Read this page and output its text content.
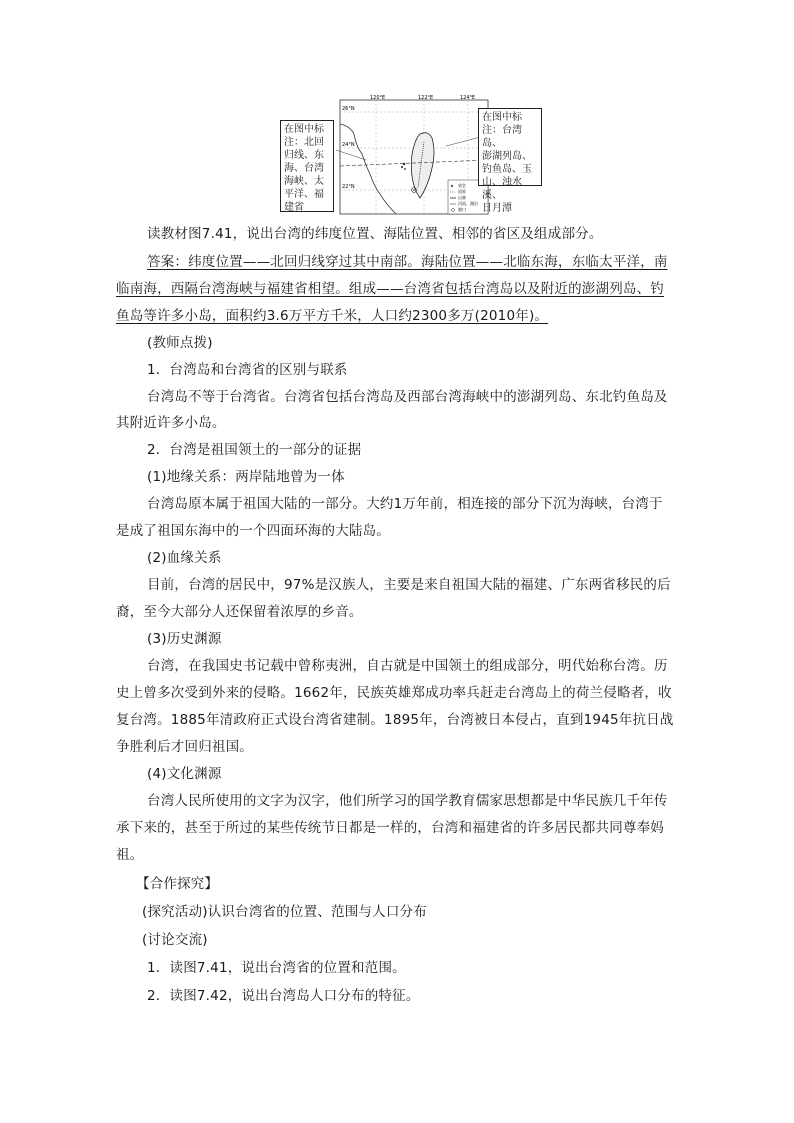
在图中标
注：北回
归线、东
海、台湾
海峡、太
平洋、福
建省
120°E	122°E	124°E
26°N
24°N
22°N	省会
国界
山脉
河流、湖泊
港口
在图中标
注：台湾岛、
澎湖列岛、
钓鱼岛、玉
山、浊水溪、
日月潭
读教材图7.41，说出台湾的纬度位置、海陆位置、相邻的省区及组成部分。
答案：纬度位置——北回归线穿过其中南部。海陆位置——北临东海，东临太平洋，南
临南海，西隔台湾海峡与福建省相望。组成——台湾省包括台湾岛以及附近的澎湖列岛、钓
鱼岛等许多小岛，面积约3.6万平方千米，人口约2300多万(2010年)。
(教师点拨)
1．台湾岛和台湾省的区别与联系
台湾岛不等于台湾省。台湾省包括台湾岛及西部台湾海峡中的澎湖列岛、东北钓鱼岛及
其附近许多小岛。
2．台湾是祖国领土的一部分的证据
(1)地缘关系：两岸陆地曾为一体
台湾岛原本属于祖国大陆的一部分。大约1万年前，相连接的部分下沉为海峡，台湾于
是成了祖国东海中的一个四面环海的大陆岛。
(2)血缘关系
目前，台湾的居民中，97%是汉族人，主要是来自祖国大陆的福建、广东两省移民的后
裔，至今大部分人还保留着浓厚的乡音。
(3)历史渊源
台湾，在我国史书记载中曾称夷洲，自古就是中国领土的组成部分，明代始称台湾。历
史上曾多次受到外来的侵略。1662年，民族英雄郑成功率兵赶走台湾岛上的荷兰侵略者，收
复台湾。1885年清政府正式设台湾省建制。1895年，台湾被日本侵占，直到1945年抗日战
争胜利后才回归祖国。
(4)文化渊源
台湾人民所使用的文字为汉字，他们所学习的国学教育儒家思想都是中华民族几千年传
承下来的，甚至于所过的某些传统节日都是一样的，台湾和福建省的许多居民都共同尊奉妈
祖。
【合作探究】
(探究活动)认识台湾省的位置、范围与人口分布
(讨论交流)
1．读图7.41，说出台湾省的位置和范围。
2．读图7.42，说出台湾岛人口分布的特征。
